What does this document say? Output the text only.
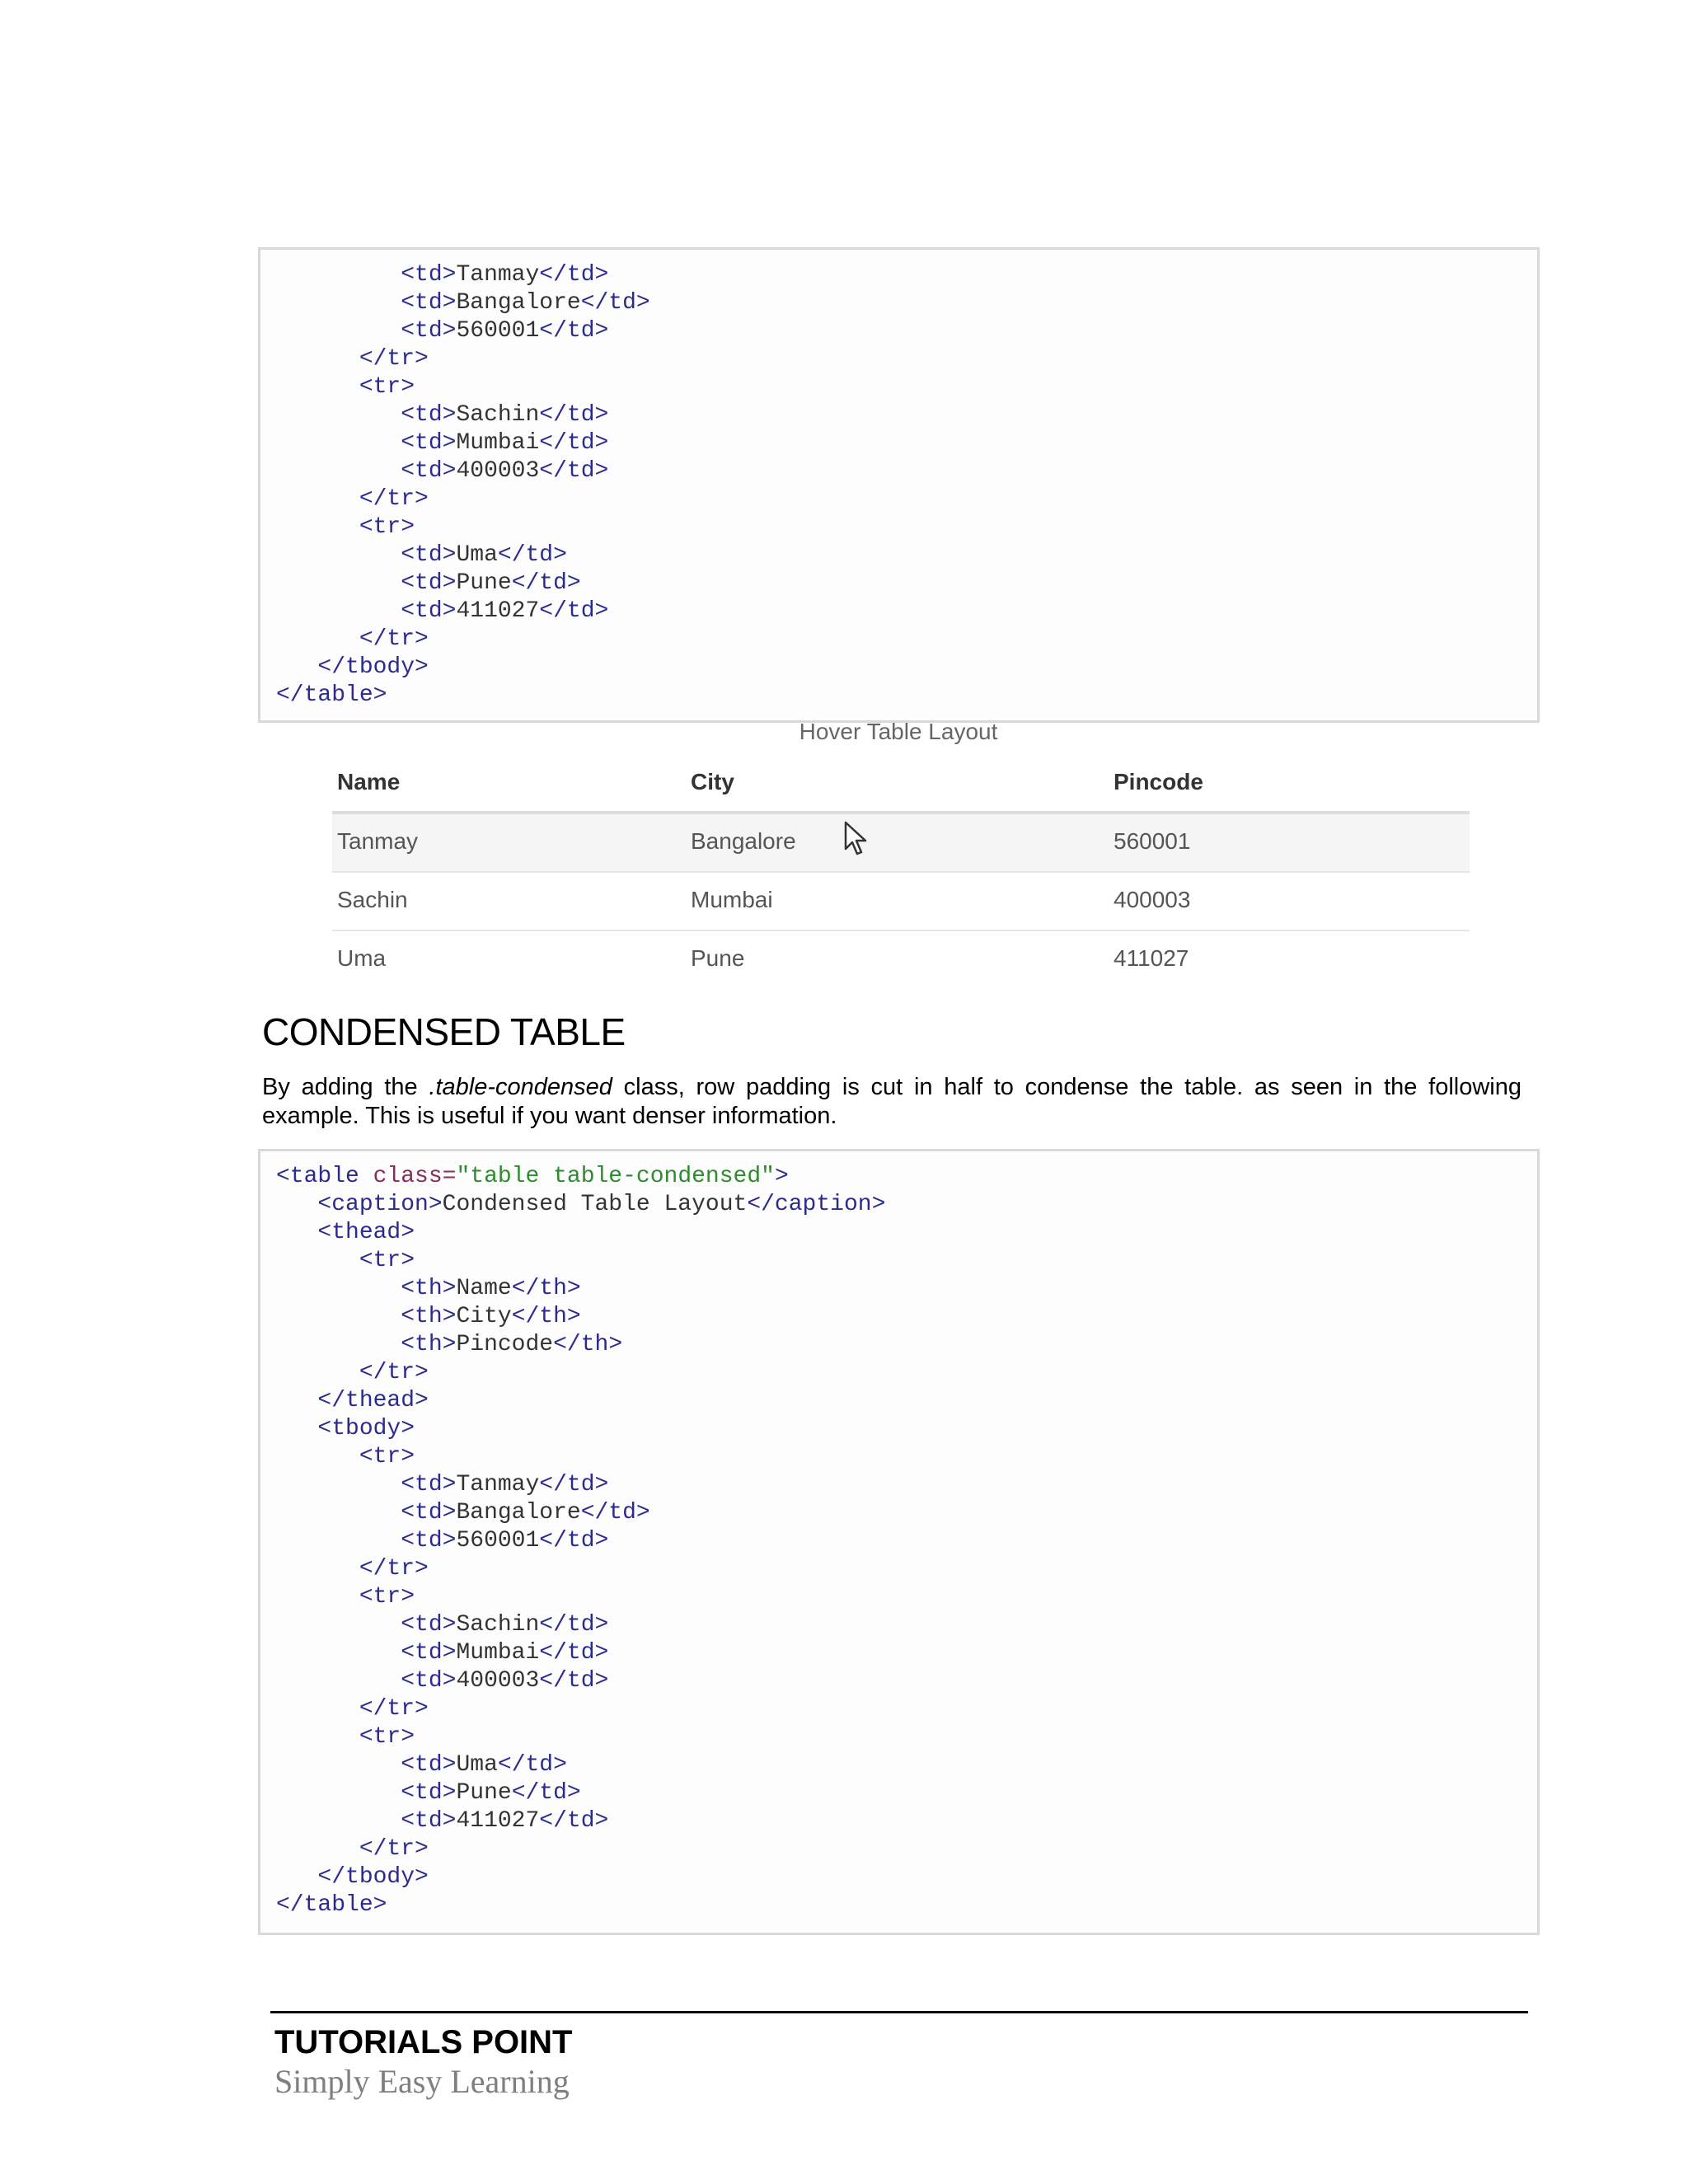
<td>Tanmay</td>
<td>Bangalore</td>
<td>560001</td>
</tr>
<tr>
<td>Sachin</td>
<td>Mumbai</td>
<td>400003</td>
</tr>
<tr>
<td>Uma</td>
<td>Pune</td>
<td>411027</td>
</tr>
</tbody>
</table>
Hover Table Layout
Name	City	Pincode
Tanmay	Bangalore	560001
Sachin	Mumbai	400003
Uma	Pune	411027
CONDENSED TABLE
By adding the .table-condensed class, row padding is cut in half to condense the table. as seen in the following example. This is useful if you want denser information.
<table class="table table-condensed">
<caption>Condensed Table Layout</caption>
<thead>
<tr>
<th>Name</th>
<th>City</th>
<th>Pincode</th>
</tr>
</thead>
<tbody>
<tr>
<td>Tanmay</td>
<td>Bangalore</td>
<td>560001</td>
</tr>
<tr>
<td>Sachin</td>
<td>Mumbai</td>
<td>400003</td>
</tr>
<tr>
<td>Uma</td>
<td>Pune</td>
<td>411027</td>
</tr>
</tbody>
</table>
TUTORIALS POINT
Simply Easy Learning
